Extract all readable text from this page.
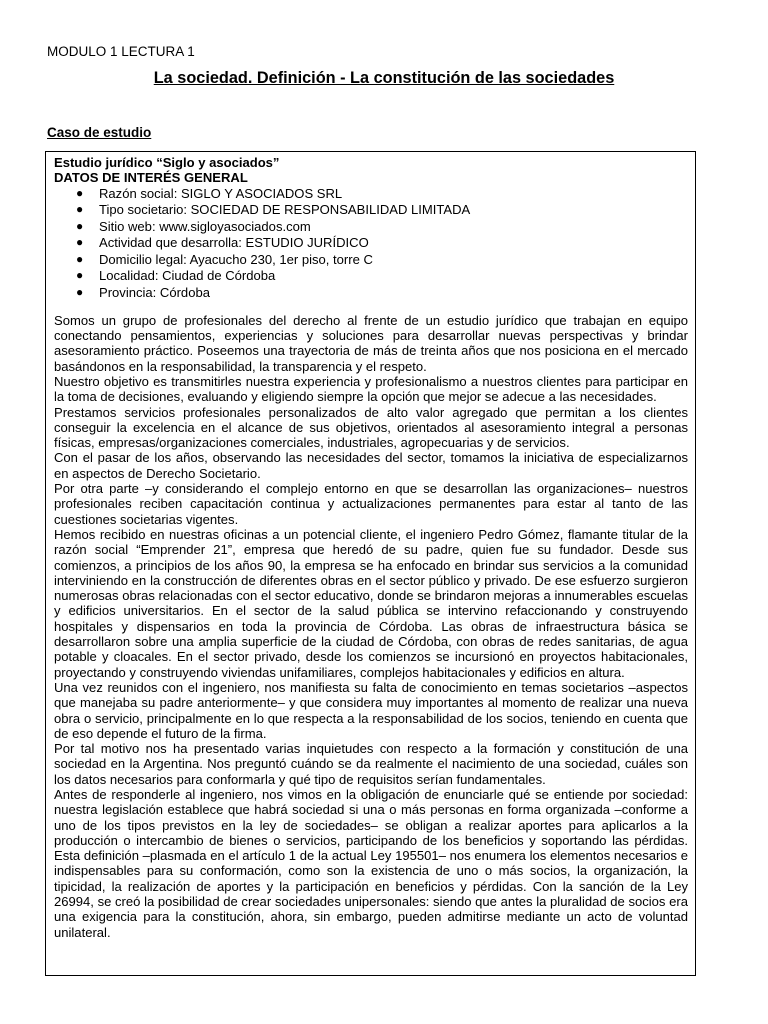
MODULO 1 LECTURA 1
La sociedad. Definición - La constitución de las sociedades
Caso de estudio
Estudio jurídico “Siglo y asociados”
DATOS DE INTERÉS GENERAL
● Razón social: SIGLO Y ASOCIADOS SRL
● Tipo societario: SOCIEDAD DE RESPONSABILIDAD LIMITADA
● Sitio web: www.sigloyasociados.com
● Actividad que desarrolla: ESTUDIO JURÍDICO
● Domicilio legal: Ayacucho 230, 1er piso, torre C
● Localidad: Ciudad de Córdoba
● Provincia: Córdoba

Somos un grupo de profesionales del derecho al frente de un estudio jurídico que trabajan en equipo conectando pensamientos, experiencias y soluciones para desarrollar nuevas perspectivas y brindar asesoramiento práctico. Poseemos una trayectoria de más de treinta años que nos posiciona en el mercado basándonos en la responsabilidad, la transparencia y el respeto.

Nuestro objetivo es transmitirles nuestra experiencia y profesionalismo a nuestros clientes para participar en la toma de decisiones, evaluando y eligiendo siempre la opción que mejor se adecue a las necesidades.

Prestamos servicios profesionales personalizados de alto valor agregado que permitan a los clientes conseguir la excelencia en el alcance de sus objetivos, orientados al asesoramiento integral a personas físicas, empresas/organizaciones comerciales, industriales, agropecuarias y de servicios.

Con el pasar de los años, observando las necesidades del sector, tomamos la iniciativa de especializarnos en aspectos de Derecho Societario.

Por otra parte –y considerando el complejo entorno en que se desarrollan las organizaciones– nuestros profesionales reciben capacitación continua y actualizaciones permanentes para estar al tanto de las cuestiones societarias vigentes.

Hemos recibido en nuestras oficinas a un potencial cliente, el ingeniero Pedro Gómez, flamante titular de la razón social “Emprender 21”, empresa que heredó de su padre, quien fue su fundador. Desde sus comienzos, a principios de los años 90, la empresa se ha enfocado en brindar sus servicios a la comunidad interviniendo en la construcción de diferentes obras en el sector público y privado. De ese esfuerzo surgieron numerosas obras relacionadas con el sector educativo, donde se brindaron mejoras a innumerables escuelas y edificios universitarios. En el sector de la salud pública se intervino refaccionando y construyendo hospitales y dispensarios en toda la provincia de Córdoba. Las obras de infraestructura básica se desarrollaron sobre una amplia superficie de la ciudad de Córdoba, con obras de redes sanitarias, de agua potable y cloacales. En el sector privado, desde los comienzos se incursionó en proyectos habitacionales, proyectando y construyendo viviendas unifamiliares, complejos habitacionales y edificios en altura.

Una vez reunidos con el ingeniero, nos manifiesta su falta de conocimiento en temas societarios –aspectos que manejaba su padre anteriormente– y que considera muy importantes al momento de realizar una nueva obra o servicio, principalmente en lo que respecta a la responsabilidad de los socios, teniendo en cuenta que de eso depende el futuro de la firma.

Por tal motivo nos ha presentado varias inquietudes con respecto a la formación y constitución de una sociedad en la Argentina. Nos preguntó cuándo se da realmente el nacimiento de una sociedad, cuáles son los datos necesarios para conformarla y qué tipo de requisitos serían fundamentales.

Antes de responderle al ingeniero, nos vimos en la obligación de enunciarle qué se entiende por sociedad: nuestra legislación establece que habrá sociedad si una o más personas en forma organizada –conforme a uno de los tipos previstos en la ley de sociedades– se obligan a realizar aportes para aplicarlos a la producción o intercambio de bienes o servicios, participando de los beneficios y soportando las pérdidas. Esta definición –plasmada en el artículo 1 de la actual Ley 195501– nos enumera los elementos necesarios e indispensables para su conformación, como son la existencia de uno o más socios, la organización, la tipicidad, la realización de aportes y la participación en beneficios y pérdidas. Con la sanción de la Ley 26994, se creó la posibilidad de crear sociedades unipersonales: siendo que antes la pluralidad de socios era una exigencia para la constitución, ahora, sin embargo, pueden admitirse mediante un acto de voluntad unilateral.
